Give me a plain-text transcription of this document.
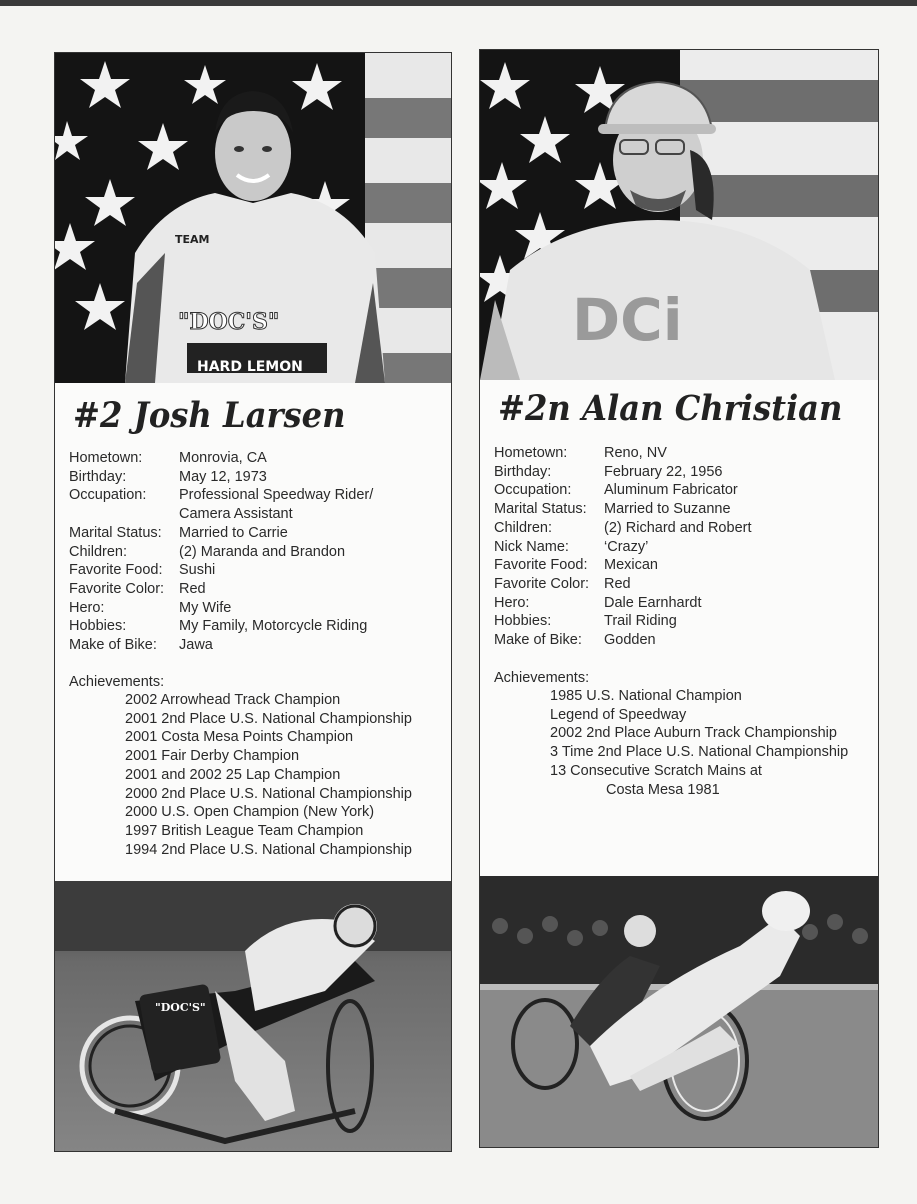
TEAM
"DOC'S"
HARD LEMON
#2 Josh Larsen
Hometown:	Monrovia, CA
Birthday:	May 12, 1973
Occupation:	Professional Speedway Rider/
Camera Assistant
Marital Status:	Married to Carrie
Children:	(2) Maranda and Brandon
Favorite Food:	Sushi
Favorite Color:	Red
Hero:	My Wife
Hobbies:	My Family, Motorcycle Riding
Make of Bike:	Jawa
Achievements:
2002 Arrowhead Track Champion
2001 2nd Place U.S. National Championship
2001 Costa Mesa Points Champion
2001 Fair Derby Champion
2001 and 2002 25 Lap Champion
2000 2nd Place U.S. National Championship
2000 U.S. Open Champion (New York)
1997 British League Team Champion
1994 2nd Place U.S. National Championship
"DOC'S"
DCi
#2n Alan Christian
Hometown:	Reno, NV
Birthday:	February 22, 1956
Occupation:	Aluminum Fabricator
Marital Status:	Married to Suzanne
Children:	(2) Richard and Robert
Nick Name:	‘Crazy’
Favorite Food:	Mexican
Favorite Color:	Red
Hero:	Dale Earnhardt
Hobbies:	Trail Riding
Make of Bike:	Godden
Achievements:
1985 U.S. National Champion
Legend of Speedway
2002 2nd Place Auburn Track Championship
3 Time 2nd Place U.S. National Championship
13 Consecutive Scratch Mains at
Costa Mesa 1981
